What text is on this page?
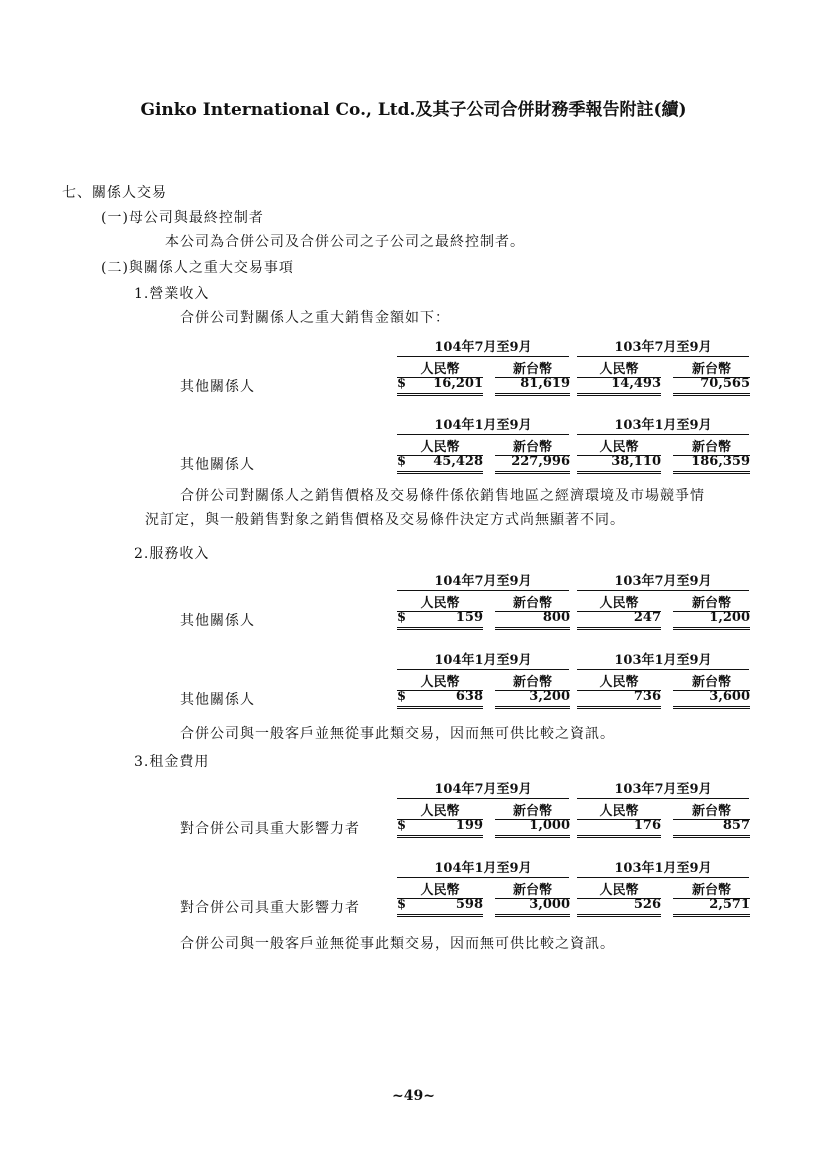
Ginko International Co., Ltd.及其子公司合併財務季報告附註(續)
七、關係人交易
(一)母公司與最終控制者
本公司為合併公司及合併公司之子公司之最終控制者。
(二)與關係人之重大交易事項
1.營業收入
合併公司對關係人之重大銷售金額如下：
104年7月至9月	103年7月至9月
人民幣	新台幣	人民幣	新台幣
其他關係人	$	16,201	81,619	14,493	70,565
104年1月至9月	103年1月至9月
人民幣	新台幣	人民幣	新台幣
其他關係人	$	45,428	227,996	38,110	186,359
合併公司對關係人之銷售價格及交易條件係依銷售地區之經濟環境及市場競爭情況訂定，與一般銷售對象之銷售價格及交易條件決定方式尚無顯著不同。
2.服務收入
104年7月至9月	103年7月至9月
人民幣	新台幣	人民幣	新台幣
其他關係人	$	159	800	247	1,200
104年1月至9月	103年1月至9月
人民幣	新台幣	人民幣	新台幣
其他關係人	$	638	3,200	736	3,600
合併公司與一般客戶並無從事此類交易，因而無可供比較之資訊。
3.租金費用
104年7月至9月	103年7月至9月
人民幣	新台幣	人民幣	新台幣
對合併公司具重大影響力者	$	199	1,000	176	857
104年1月至9月	103年1月至9月
人民幣	新台幣	人民幣	新台幣
對合併公司具重大影響力者	$	598	3,000	526	2,571
合併公司與一般客戶並無從事此類交易，因而無可供比較之資訊。
~49~
